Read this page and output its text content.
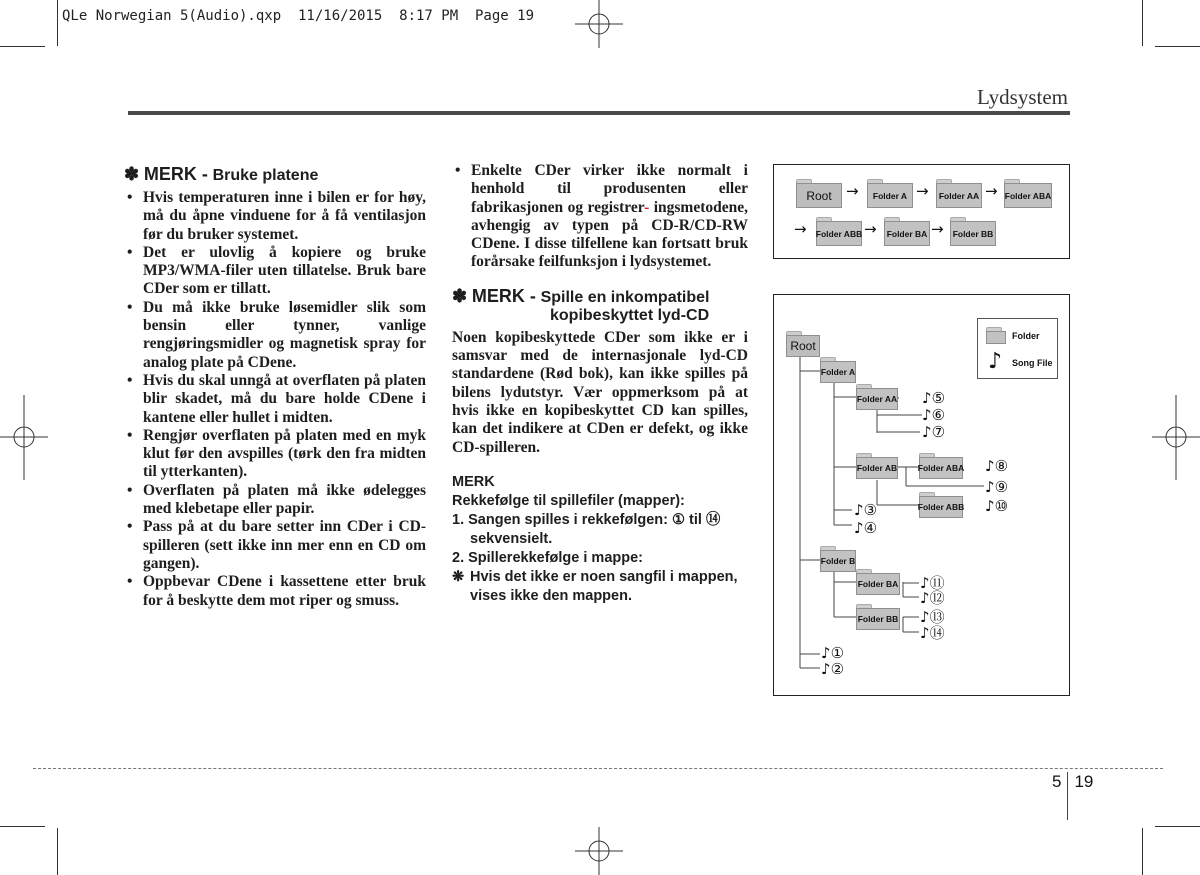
QLe Norwegian 5(Audio).qxp  11/16/2015  8:17 PM  Page 19
Lydsystem
✽ MERK - Bruke platene
• Hvis temperaturen inne i bilen er for høy, må du åpne vinduene for å få ventilasjon før du bruker systemet.
• Det er ulovlig å kopiere og bruke MP3/WMA-filer uten tillatelse. Bruk bare CDer som er tillatt.
• Du må ikke bruke løsemidler slik som bensin eller tynner, vanlige rengjøringsmidler og magnetisk spray for analog plate på CDene.
• Hvis du skal unngå at overflaten på platen blir skadet, må du bare holde CDene i kantene eller hullet i midten.
• Rengjør overflaten på platen med en myk klut før den avspilles (tørk den fra midten til ytterkanten).
• Overflaten på platen må ikke ødelegges med klebetape eller papir.
• Pass på at du bare setter inn CDer i CD-spilleren (sett ikke inn mer enn en CD om gangen).
• Oppbevar CDene i kassettene etter bruk for å beskytte dem mot riper og smuss.
• Enkelte CDer virker ikke normalt i henhold til produsenten eller fabrikasjonen og registrer- ingsmetodene, avhengig av typen på CD-R/CD-RW CDene. I disse tilfellene kan fortsatt bruk forårsake feilfunksjon i lydsystemet.
✽ MERK - Spille en inkompatibel
kopibeskyttet lyd-CD
Noen kopibeskyttede CDer som ikke er i samsvar med de internasjonale lyd-CD standardene (Rød bok), kan ikke spilles på bilens lydutstyr. Vær oppmerksom på at hvis ikke en kopibeskyttet CD kan spilles, kan det indikere at CDen er defekt, og ikke CD-spilleren.
MERK
Rekkefølge til spillefiler (mapper):
1. Sangen spilles i rekkefølgen: ① til ⑭ sekvensielt.
2. Spillerekkefølge i mappe:
❋ Hvis det ikke er noen sangfil i mappen, vises ikke den mappen.
Root →	Folder A →	Folder AA → Folder ABA
→ Folder ABB →	Folder BA →	Folder BB
Root
Folder A
Folder AA
Folder AB Folder ABA
Folder ABB
Folder B
Folder BA
Folder BB
♪⑤
♪⑥
♪⑦
♪⑧
♪⑨
♪⑩
♪③
♪④
♪⑪
♪⑫
♪⑬
♪⑭
♪①
♪②
Folder
♪ Song File
5 19
